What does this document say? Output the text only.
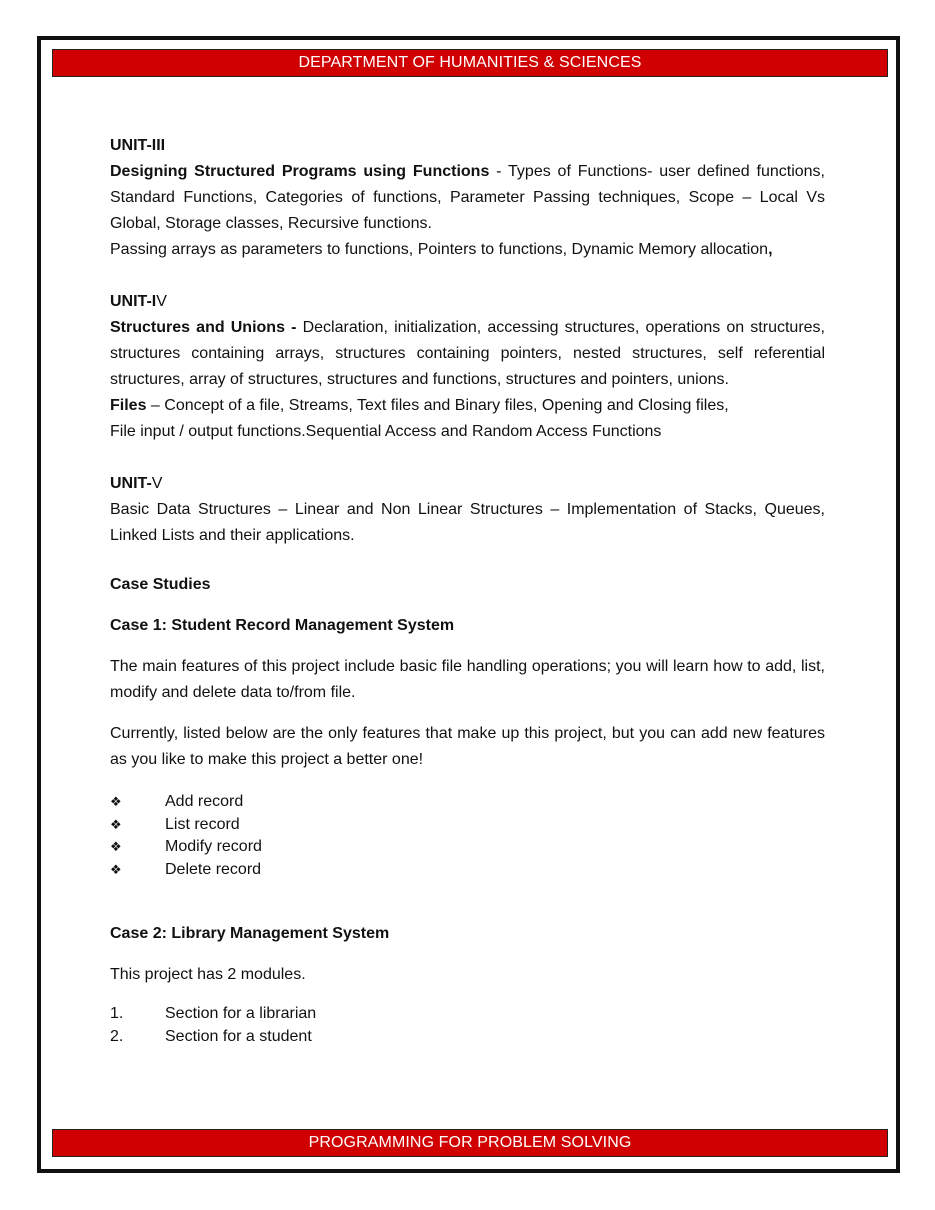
DEPARTMENT OF HUMANITIES & SCIENCES

UNIT-III

Designing Structured Programs using Functions - Types of Functions- user defined functions, Standard Functions, Categories of functions, Parameter Passing techniques, Scope – Local Vs Global, Storage classes, Recursive functions.

Passing arrays as parameters to functions, Pointers to functions, Dynamic Memory allocation,

UNIT-IV

Structures and Unions - Declaration, initialization, accessing structures, operations on structures, structures containing arrays, structures containing pointers, nested structures, self referential structures, array of structures, structures and functions, structures and pointers, unions.

Files – Concept of a file, Streams, Text files and Binary files, Opening and Closing files,

File input / output functions.Sequential Access and Random Access Functions

UNIT-V

Basic Data Structures – Linear and Non Linear Structures – Implementation of Stacks, Queues, Linked Lists and their applications.

Case Studies

Case 1: Student Record Management System

The main features of this project include basic file handling operations; you will learn how to add, list, modify and delete data to/from file.

Currently, listed below are the only features that make up this project, but you can add new features as you like to make this project a better one!

❖	Add record
❖	List record
❖	Modify record
❖	Delete record

Case 2: Library Management System

This project has 2 modules.

1.	Section for a librarian
2.	Section for a student
PROGRAMMING FOR PROBLEM SOLVING
